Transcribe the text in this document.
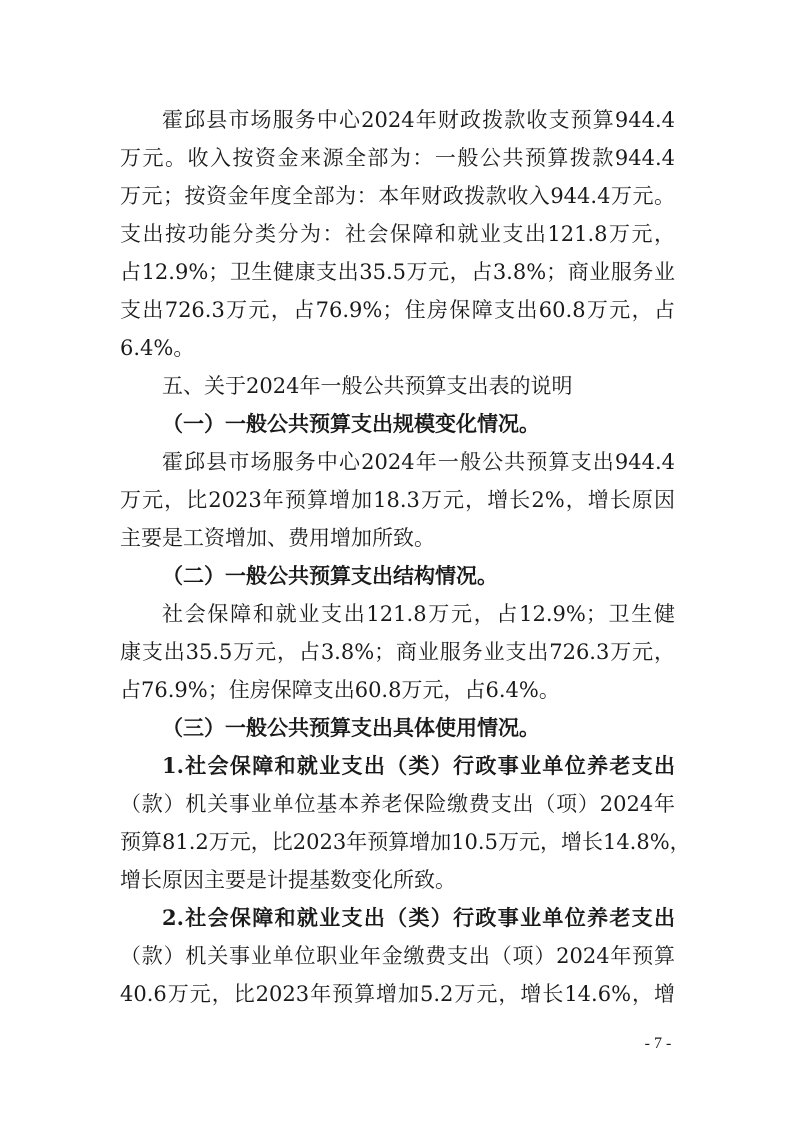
霍邱县市场服务中心2024年财政拨款收支预算944.4
万元。收入按资金来源全部为：一般公共预算拨款944.4
万元；按资金年度全部为：本年财政拨款收入944.4万元。
支出按功能分类分为：社会保障和就业支出121.8万元，
占12.9%；卫生健康支出35.5万元，占3.8%；商业服务业
支出726.3万元，占76.9%；住房保障支出60.8万元，占
6.4%。
五、关于2024年一般公共预算支出表的说明
（一）一般公共预算支出规模变化情况。
霍邱县市场服务中心2024年一般公共预算支出944.4
万元，比2023年预算增加18.3万元，增长2%，增长原因
主要是工资增加、费用增加所致。
（二）一般公共预算支出结构情况。
社会保障和就业支出121.8万元，占12.9%；卫生健
康支出35.5万元，占3.8%；商业服务业支出726.3万元，
占76.9%；住房保障支出60.8万元，占6.4%。
（三）一般公共预算支出具体使用情况。
1.社会保障和就业支出（类）行政事业单位养老支出
（款）机关事业单位基本养老保险缴费支出（项）2024年
预算81.2万元，比2023年预算增加10.5万元，增长14.8%，
增长原因主要是计提基数变化所致。
2.社会保障和就业支出（类）行政事业单位养老支出
（款）机关事业单位职业年金缴费支出（项）2024年预算
40.6万元，比2023年预算增加5.2万元，增长14.6%，增
- 7 -
